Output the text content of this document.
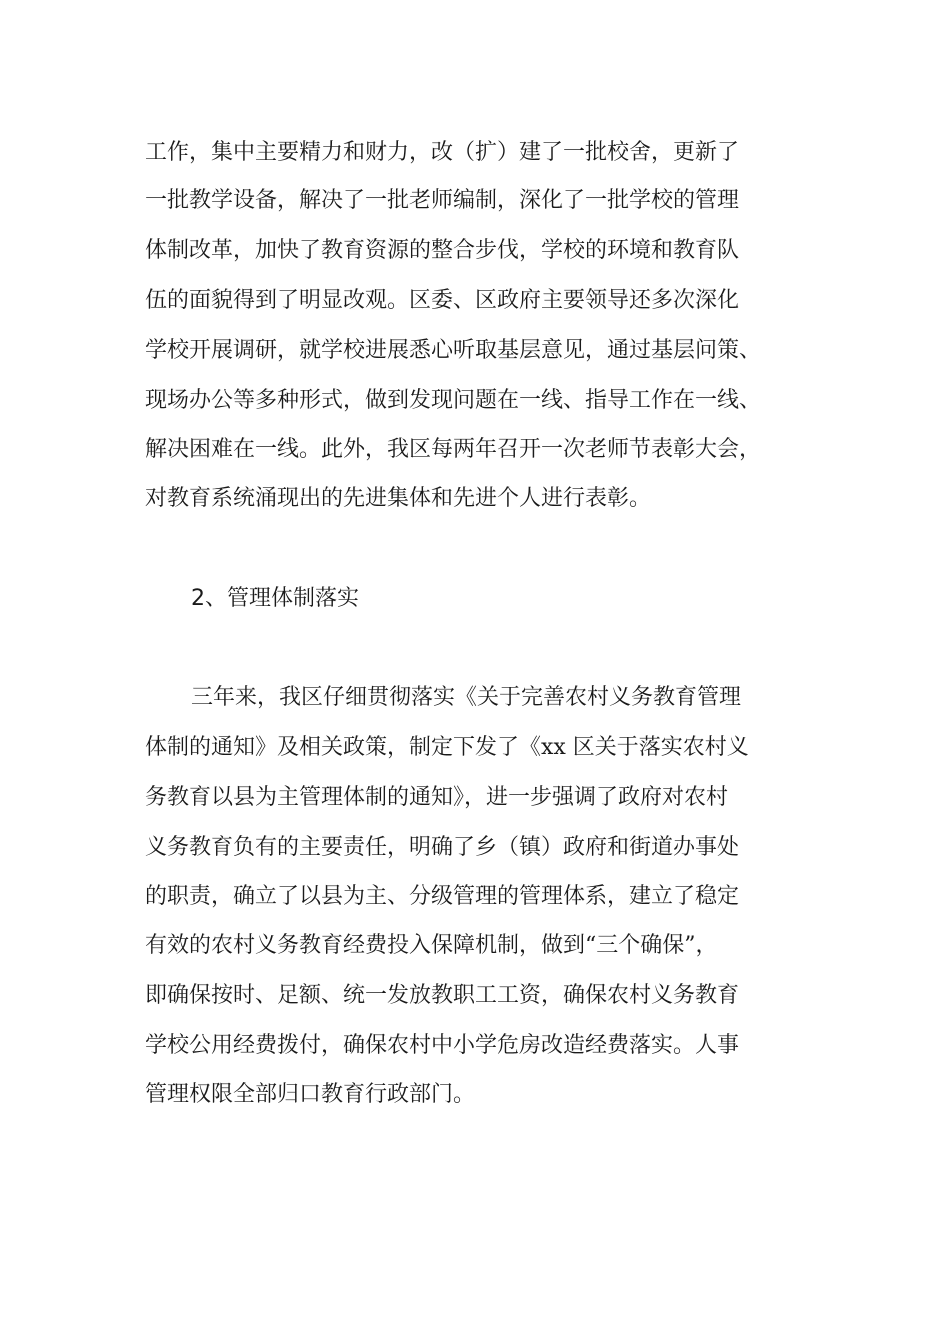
工作，集中主要精力和财力，改（扩）建了一批校舍，更新了

一批教学设备，解决了一批老师编制，深化了一批学校的管理

体制改革，加快了教育资源的整合步伐，学校的环境和教育队

伍的面貌得到了明显改观。区委、区政府主要领导还多次深化

学校开展调研，就学校进展悉心听取基层意见，通过基层问策、

现场办公等多种形式，做到发现问题在一线、指导工作在一线、

解决困难在一线。此外，我区每两年召开一次老师节表彰大会，

对教育系统涌现出的先进集体和先进个人进行表彰。

2、管理体制落实

三年来，我区仔细贯彻落实《关于完善农村义务教育管理

体制的通知》及相关政策，制定下发了《xx 区关于落实农村义

务教育以县为主管理体制的通知》，进一步强调了政府对农村

义务教育负有的主要责任，明确了乡（镇）政府和街道办事处

的职责，确立了以县为主、分级管理的管理体系，建立了稳定

有效的农村义务教育经费投入保障机制，做到“三个确保”，

即确保按时、足额、统一发放教职工工资，确保农村义务教育

学校公用经费拨付，确保农村中小学危房改造经费落实。人事

管理权限全部归口教育行政部门。
